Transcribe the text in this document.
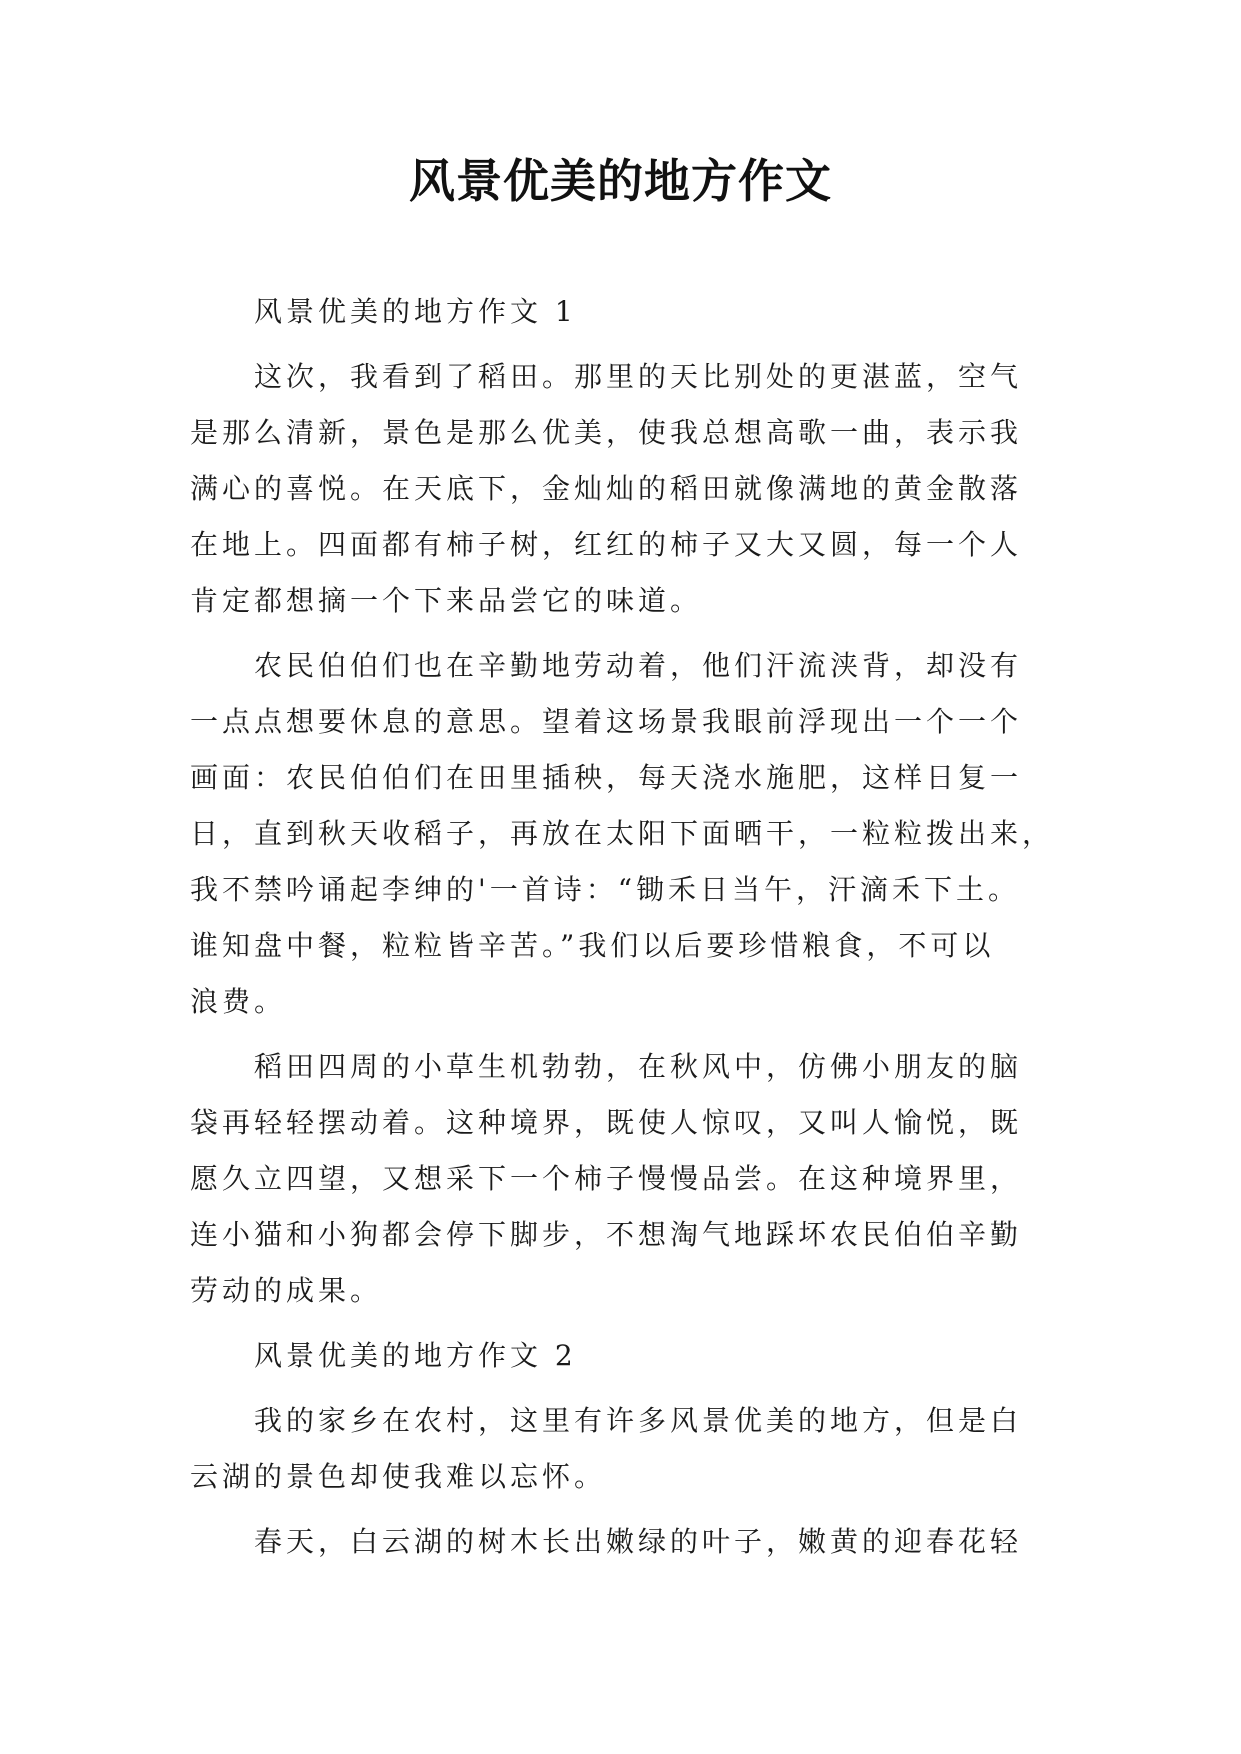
风景优美的地方作文
风景优美的地方作文 1
这次，我看到了稻田。那里的天比别处的更湛蓝，空气
是那么清新，景色是那么优美，使我总想高歌一曲，表示我
满心的喜悦。在天底下，金灿灿的稻田就像满地的黄金散落
在地上。四面都有柿子树，红红的柿子又大又圆，每一个人
肯定都想摘一个下来品尝它的味道。
农民伯伯们也在辛勤地劳动着，他们汗流浃背，却没有
一点点想要休息的意思。望着这场景我眼前浮现出一个一个
画面：农民伯伯们在田里插秧，每天浇水施肥，这样日复一
日，直到秋天收稻子，再放在太阳下面晒干，一粒粒拨出来，
我不禁吟诵起李绅的'一首诗：“锄禾日当午，汗滴禾下土。
谁知盘中餐，粒粒皆辛苦。”我们以后要珍惜粮食，不可以
浪费。
稻田四周的小草生机勃勃，在秋风中，仿佛小朋友的脑
袋再轻轻摆动着。这种境界，既使人惊叹，又叫人愉悦，既
愿久立四望，又想采下一个柿子慢慢品尝。在这种境界里，
连小猫和小狗都会停下脚步，不想淘气地踩坏农民伯伯辛勤
劳动的成果。
风景优美的地方作文 2
我的家乡在农村，这里有许多风景优美的地方，但是白
云湖的景色却使我难以忘怀。
春天，白云湖的树木长出嫩绿的叶子，嫩黄的迎春花轻
